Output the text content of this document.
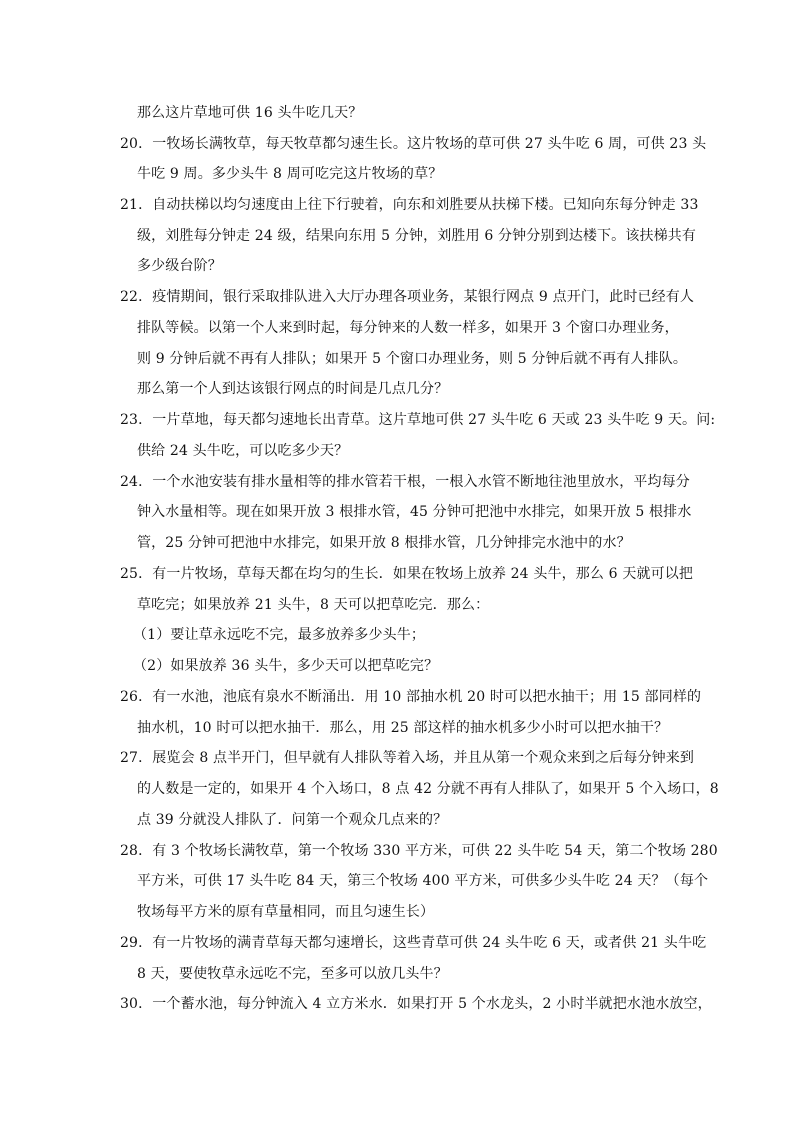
那么这片草地可供 16 头牛吃几天？
20．一牧场长满牧草，每天牧草都匀速生长。这片牧场的草可供 27 头牛吃 6 周，可供 23 头
牛吃 9 周。多少头牛 8 周可吃完这片牧场的草？
21．自动扶梯以均匀速度由上往下行驶着，向东和刘胜要从扶梯下楼。已知向东每分钟走 33
级，刘胜每分钟走 24 级，结果向东用 5 分钟，刘胜用 6 分钟分别到达楼下。该扶梯共有
多少级台阶？
22．疫情期间，银行采取排队进入大厅办理各项业务，某银行网点 9 点开门，此时已经有人
排队等候。以第一个人来到时起，每分钟来的人数一样多，如果开 3 个窗口办理业务，
则 9 分钟后就不再有人排队；如果开 5 个窗口办理业务，则 5 分钟后就不再有人排队。
那么第一个人到达该银行网点的时间是几点几分？
23．一片草地，每天都匀速地长出青草。这片草地可供 27 头牛吃 6 天或 23 头牛吃 9 天。问:
供给 24 头牛吃，可以吃多少天？
24．一个水池安装有排水量相等的排水管若干根，一根入水管不断地往池里放水，平均每分
钟入水量相等。现在如果开放 3 根排水管，45 分钟可把池中水排完，如果开放 5 根排水
管，25 分钟可把池中水排完，如果开放 8 根排水管，几分钟排完水池中的水？
25．有一片牧场，草每天都在均匀的生长．如果在牧场上放养 24 头牛，那么 6 天就可以把
草吃完；如果放养 21 头牛，8 天可以把草吃完．那么：
（1）要让草永远吃不完，最多放养多少头牛；
（2）如果放养 36 头牛，多少天可以把草吃完？
26．有一水池，池底有泉水不断涌出．用 10 部抽水机 20 时可以把水抽干；用 15 部同样的
抽水机，10 时可以把水抽干．那么，用 25 部这样的抽水机多少小时可以把水抽干？
27．展览会 8 点半开门，但早就有人排队等着入场，并且从第一个观众来到之后每分钟来到
的人数是一定的，如果开 4 个入场口，8 点 42 分就不再有人排队了，如果开 5 个入场口，8
点 39 分就没人排队了．问第一个观众几点来的？
28．有 3 个牧场长满牧草，第一个牧场 330 平方米，可供 22 头牛吃 54 天，第二个牧场 280
平方米，可供 17 头牛吃 84 天，第三个牧场 400 平方米，可供多少头牛吃 24 天？（每个
牧场每平方米的原有草量相同，而且匀速生长）
29．有一片牧场的满青草每天都匀速增长，这些青草可供 24 头牛吃 6 天，或者供 21 头牛吃
8 天，要使牧草永远吃不完，至多可以放几头牛？
30．一个蓄水池，每分钟流入 4 立方米水．如果打开 5 个水龙头，2 小时半就把水池水放空，
